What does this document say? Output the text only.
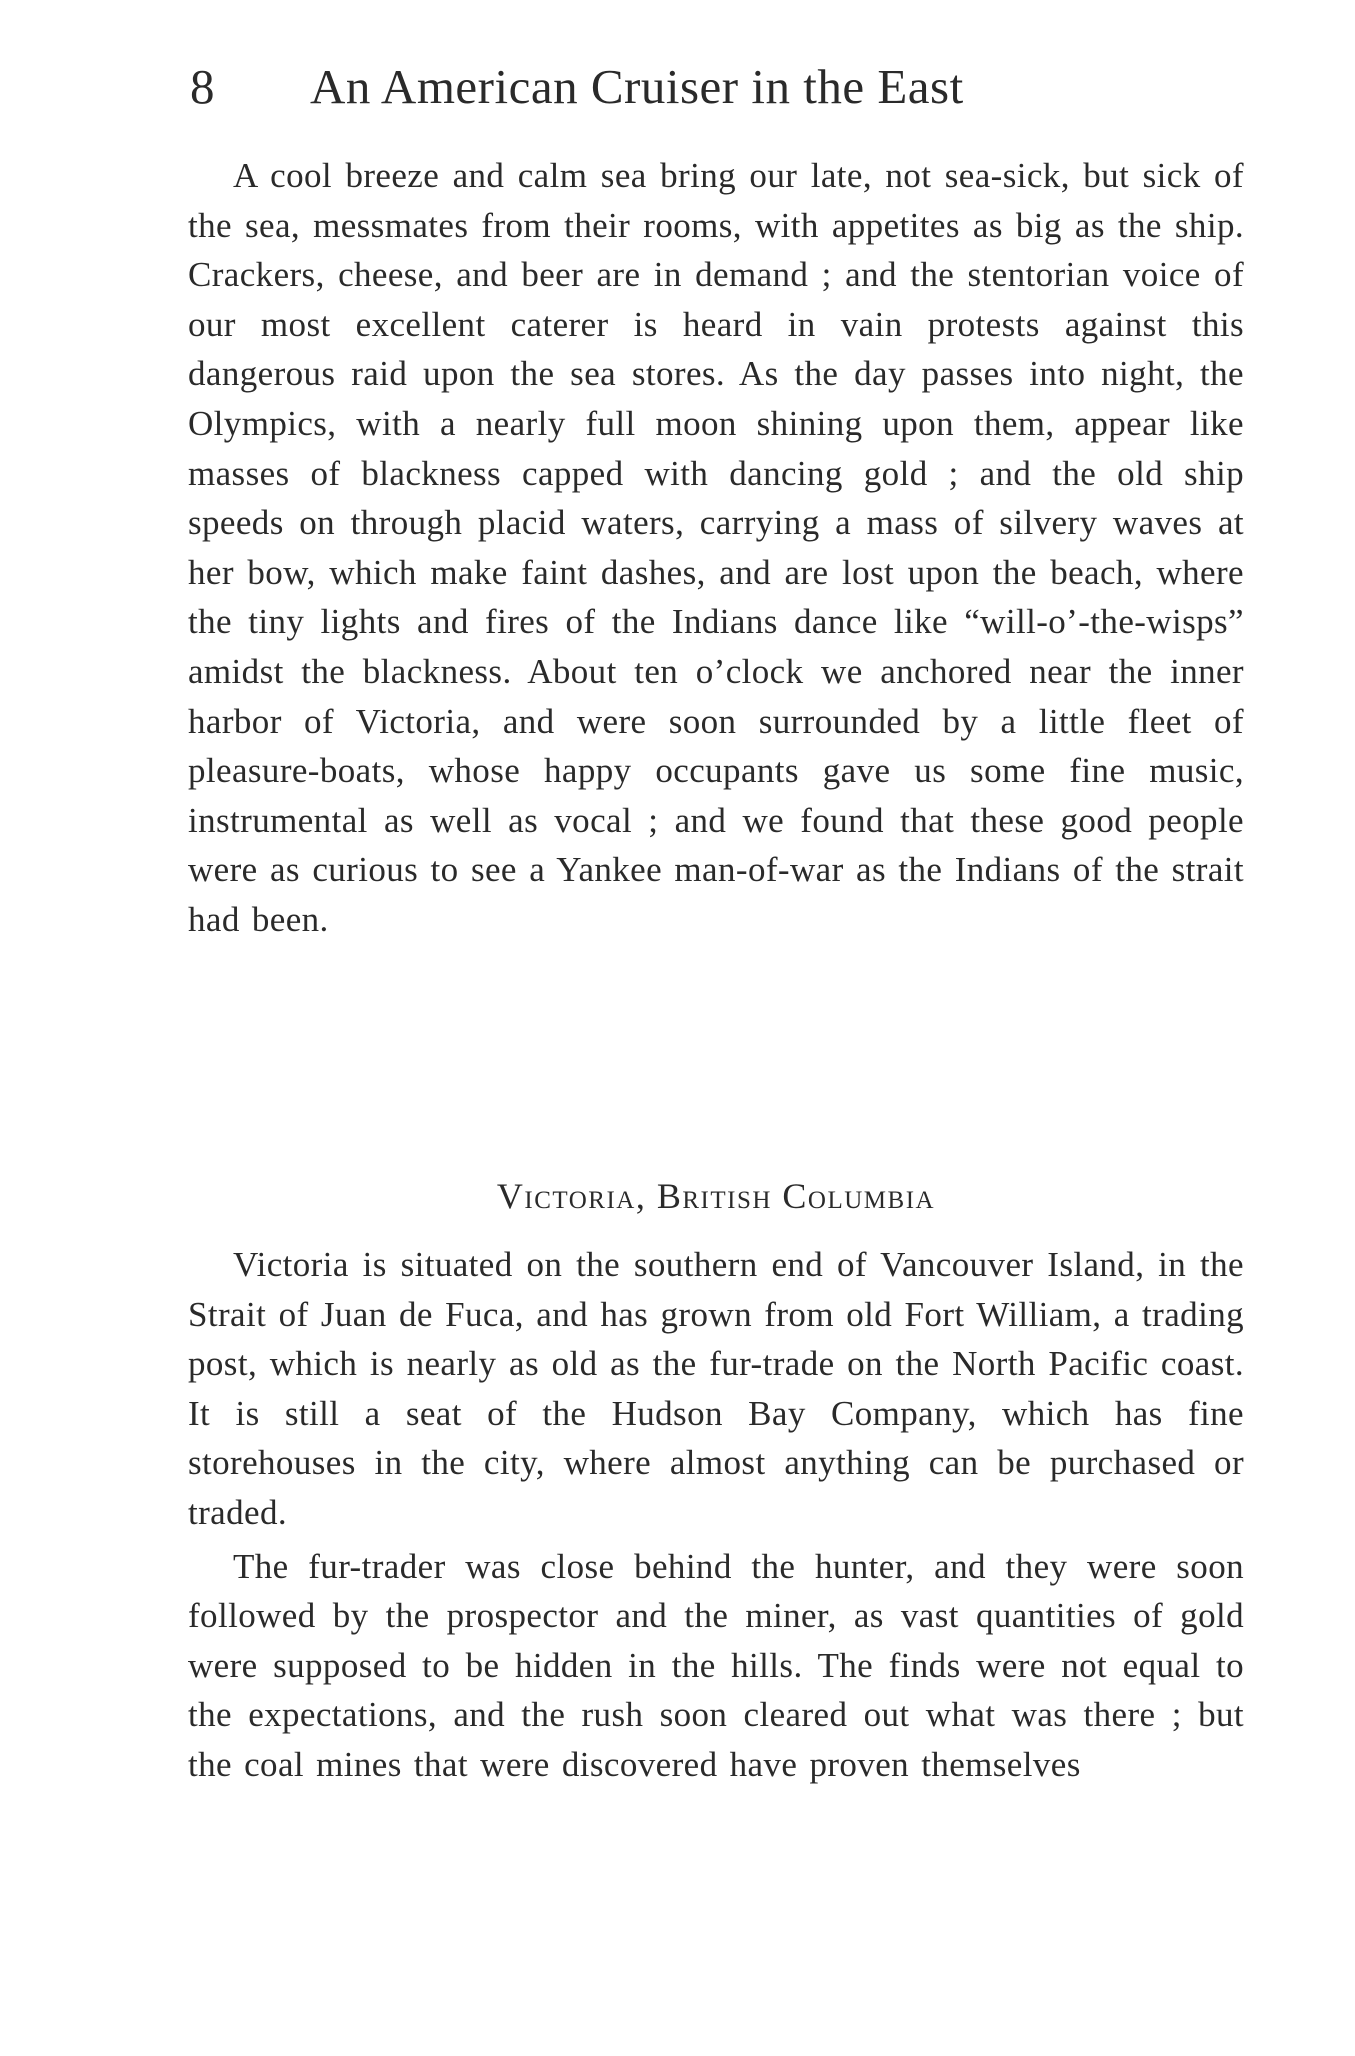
8 An American Cruiser in the East

A cool breeze and calm sea bring our late, not sea-sick, but sick of the sea, messmates from their rooms, with appetites as big as the ship. Crackers, cheese, and beer are in demand ; and the stentorian voice of our most excellent caterer is heard in vain protests against this dangerous raid upon the sea stores. As the day passes into night, the Olympics, with a nearly full moon shining upon them, appear like masses of blackness capped with dancing gold ; and the old ship speeds on through placid waters, carrying a mass of silvery waves at her bow, which make faint dashes, and are lost upon the beach, where the tiny lights and fires of the Indians dance like “will-o’-the-wisps” amidst the blackness. About ten o’clock we anchored near the inner harbor of Victoria, and were soon surrounded by a little fleet of pleasure-boats, whose happy occupants gave us some fine music, instrumental as well as vocal ; and we found that these good people were as curious to see a Yankee man-of-war as the Indians of the strait had been.

Victoria, British Columbia

Victoria is situated on the southern end of Vancouver Island, in the Strait of Juan de Fuca, and has grown from old Fort William, a trading post, which is nearly as old as the fur-trade on the North Pacific coast. It is still a seat of the Hudson Bay Company, which has fine storehouses in the city, where almost anything can be purchased or traded.

The fur-trader was close behind the hunter, and they were soon followed by the prospector and the miner, as vast quantities of gold were supposed to be hidden in the hills. The finds were not equal to the expectations, and the rush soon cleared out what was there ; but the coal mines that were discovered have proven themselves
